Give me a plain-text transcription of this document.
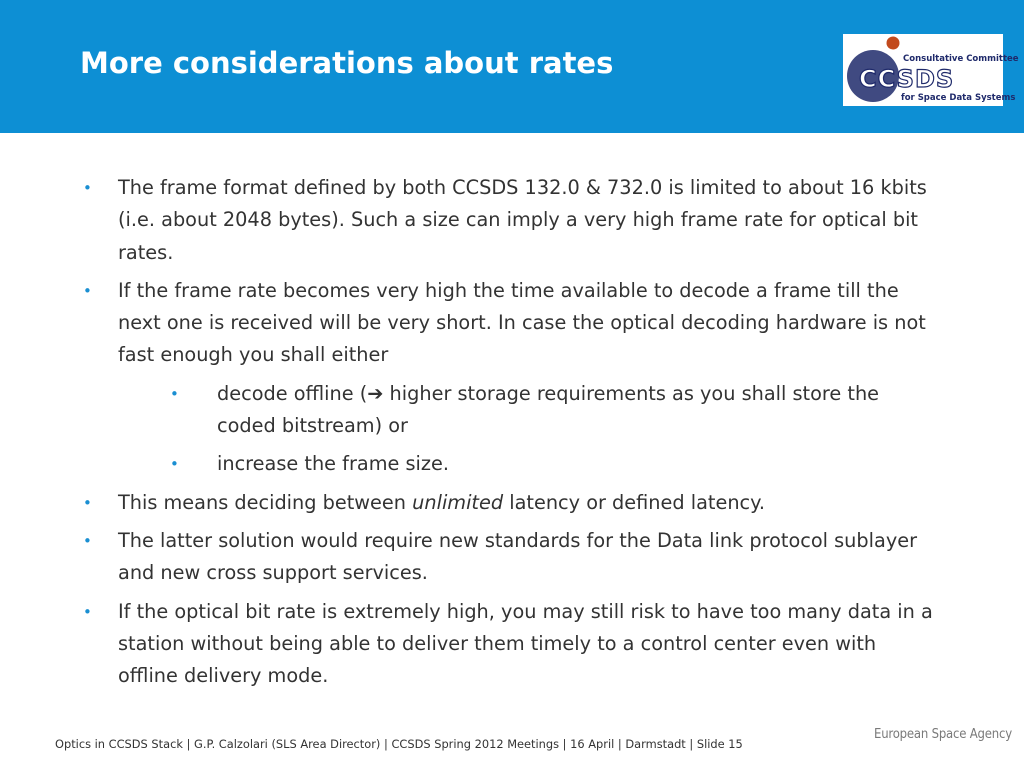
More considerations about rates	Consultative Committee
CCSDS
for Space Data Systems
• The frame format defined by both CCSDS 132.0 & 732.0 is limited to about 16 kbits (i.e. about 2048 bytes). Such a size can imply a very high frame rate for optical bit rates.
• If the frame rate becomes very high the time available to decode a frame till the next one is received will be very short. In case the optical decoding hardware is not fast enough you shall either
• decode offline (➔ higher storage requirements as you shall store the coded bitstream) or
• increase the frame size.
• This means deciding between unlimited latency or defined latency.
• The latter solution would require new standards for the Data link protocol sublayer and new cross support services.
• If the optical bit rate is extremely high, you may still risk to have too many data in a station without being able to deliver them timely to a control center even with offline delivery mode.
Optics in CCSDS Stack | G.P. Calzolari (SLS Area Director) | CCSDS Spring 2012 Meetings | 16 April | Darmstadt | Slide 15
European Space Agency
